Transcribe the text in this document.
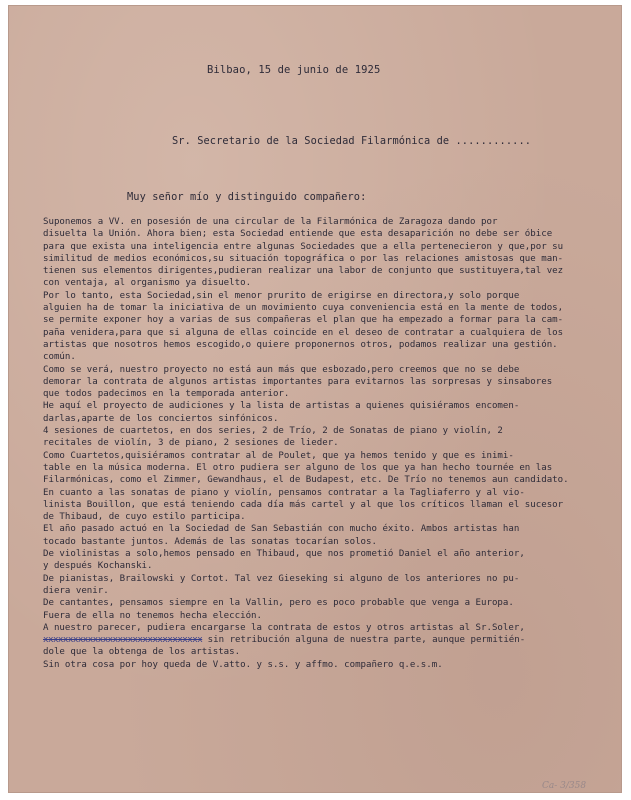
Bilbao, 15 de junio de 1925
Sr. Secretario de la Sociedad Filarmónica de ............
Muy señor mío y distinguido compañero:
Suponemos a VV. en posesión de una circular de la Filarmónica de Zaragoza dando por
disuelta la Unión. Ahora bien; esta Sociedad entiende que esta desaparición no debe ser óbice
para que exista una inteligencia entre algunas Sociedades que a ella pertenecieron y que,por su
similitud de medios económicos,su situación topográfica o por las relaciones amistosas que man-
tienen sus elementos dirigentes,pudieran realizar una labor de conjunto que sustituyera,tal vez
con ventaja, al organismo ya disuelto.
Por lo tanto, esta Sociedad,sin el menor prurito de erigirse en directora,y solo porque
alguien ha de tomar la iniciativa de un movimiento cuya conveniencia está en la mente de todos,
se permite exponer hoy a varias de sus compañeras el plan que ha empezado a formar para la cam-
paña venidera,para que si alguna de ellas coincide en el deseo de contratar a cualquiera de los
artistas que nosotros hemos escogido,o quiere proponernos otros, podamos realizar una gestión.
común.
Como se verá, nuestro proyecto no está aun más que esbozado,pero creemos que no se debe
demorar la contrata de algunos artistas importantes para evitarnos las sorpresas y sinsabores
que todos padecimos en la temporada anterior.
He aquí el proyecto de audiciones y la lista de artistas a quienes quisiéramos encomen-
darlas,aparte de los conciertos sinfónicos.
4 sesiones de cuartetos, en dos series, 2 de Trío, 2 de Sonatas de piano y violín, 2
recitales de violín, 3 de piano, 2 sesiones de lieder.
Como Cuartetos,quisiéramos contratar al de Poulet, que ya hemos tenido y que es inimi-
table en la música moderna. El otro pudiera ser alguno de los que ya han hecho tournée en las
Filarmónicas, como el Zimmer, Gewandhaus, el de Budapest, etc. De Trío no tenemos aun candidato.
En cuanto a las sonatas de piano y violín, pensamos contratar a la Tagliaferro y al vio-
linista Bouillon, que está teniendo cada día más cartel y al que los críticos llaman el sucesor
de Thibaud, de cuyo estilo participa.
El año pasado actuó en la Sociedad de San Sebastián con mucho éxito. Ambos artistas han
tocado bastante juntos. Además de las sonatas tocarían solos.
De violinistas a solo,hemos pensado en Thibaud, que nos prometió Daniel el año anterior,
y después Kochanski.
De pianistas, Brailowski y Cortot. Tal vez Gieseking si alguno de los anteriores no pu-
diera venir.
De cantantes, pensamos siempre en la Vallin, pero es poco probable que venga a Europa.
Fuera de ella no tenemos hecha elección.
A nuestro parecer, pudiera encargarse la contrata de estos y otros artistas al Sr.Soler,
xxxxxxxxxxxxxxxxxxxxxxxxxxxxxxxx sin retribución alguna de nuestra parte, aunque permitién-
dole que la obtenga de los artistas.
Sin otra cosa por hoy queda de V.atto. y s.s. y affmo. compañero q.e.s.m.
Ca- 3/358
